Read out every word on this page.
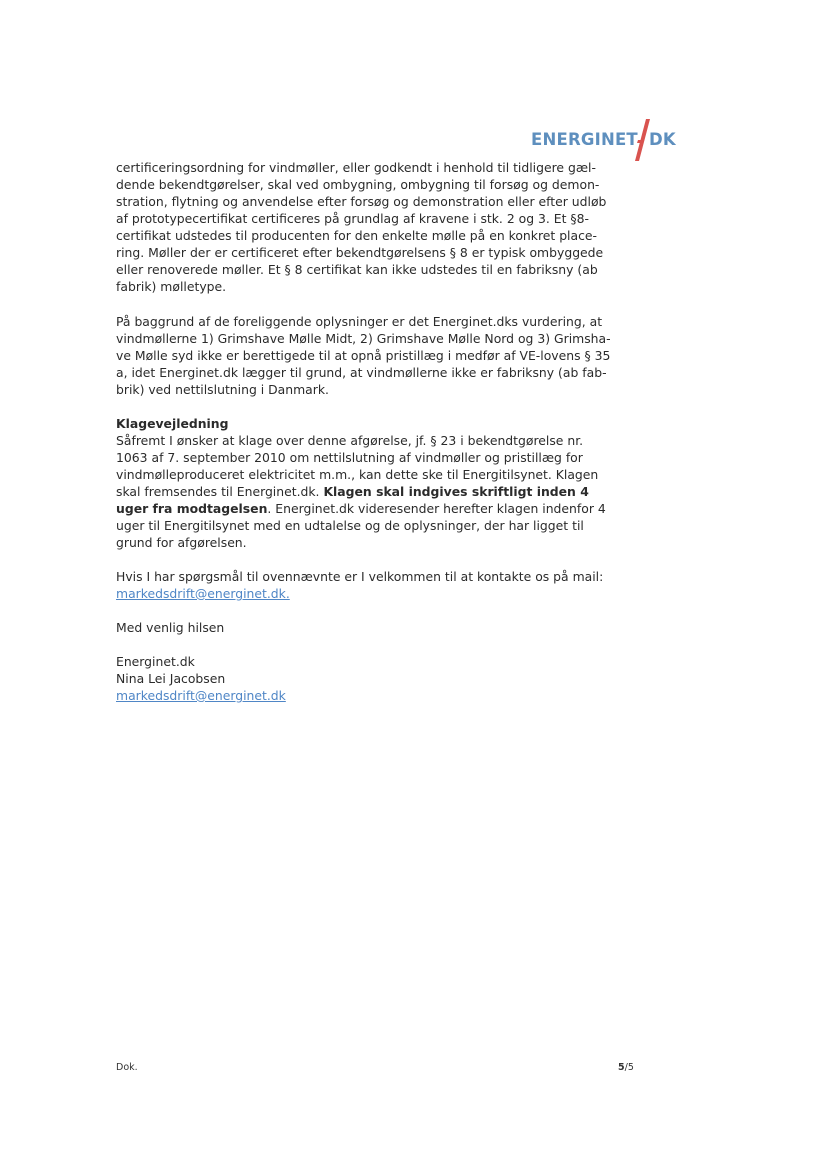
ENERGINET DK
certificeringsordning for vindmøller, eller godkendt i henhold til tidligere gæl-
dende bekendtgørelser, skal ved ombygning, ombygning til forsøg og demon-
stration, flytning og anvendelse efter forsøg og demonstration eller efter udløb
af prototypecertifikat certificeres på grundlag af kravene i stk. 2 og 3. Et §8-
certifikat udstedes til producenten for den enkelte mølle på en konkret place-
ring. Møller der er certificeret efter bekendtgørelsens § 8 er typisk ombyggede
eller renoverede møller. Et § 8 certifikat kan ikke udstedes til en fabriksny (ab
fabrik) mølletype.
På baggrund af de foreliggende oplysninger er det Energinet.dks vurdering, at
vindmøllerne 1) Grimshave Mølle Midt, 2) Grimshave Mølle Nord og 3) Grimsha-
ve Mølle syd ikke er berettigede til at opnå pristillæg i medfør af VE-lovens § 35
a, idet Energinet.dk lægger til grund, at vindmøllerne ikke er fabriksny (ab fab-
brik) ved nettilslutning i Danmark.
Klagevejledning
Såfremt I ønsker at klage over denne afgørelse, jf. § 23 i bekendtgørelse nr.
1063 af 7. september 2010 om nettilslutning af vindmøller og pristillæg for
vindmølleproduceret elektricitet m.m., kan dette ske til Energitilsynet. Klagen
skal fremsendes til Energinet.dk. Klagen skal indgives skriftligt inden 4
uger fra modtagelsen. Energinet.dk videresender herefter klagen indenfor 4
uger til Energitilsynet med en udtalelse og de oplysninger, der har ligget til
grund for afgørelsen.
Hvis I har spørgsmål til ovennævnte er I velkommen til at kontakte os på mail:
markedsdrift@energinet.dk.
Med venlig hilsen
Energinet.dk
Nina Lei Jacobsen
markedsdrift@energinet.dk
Dok.	5/5
